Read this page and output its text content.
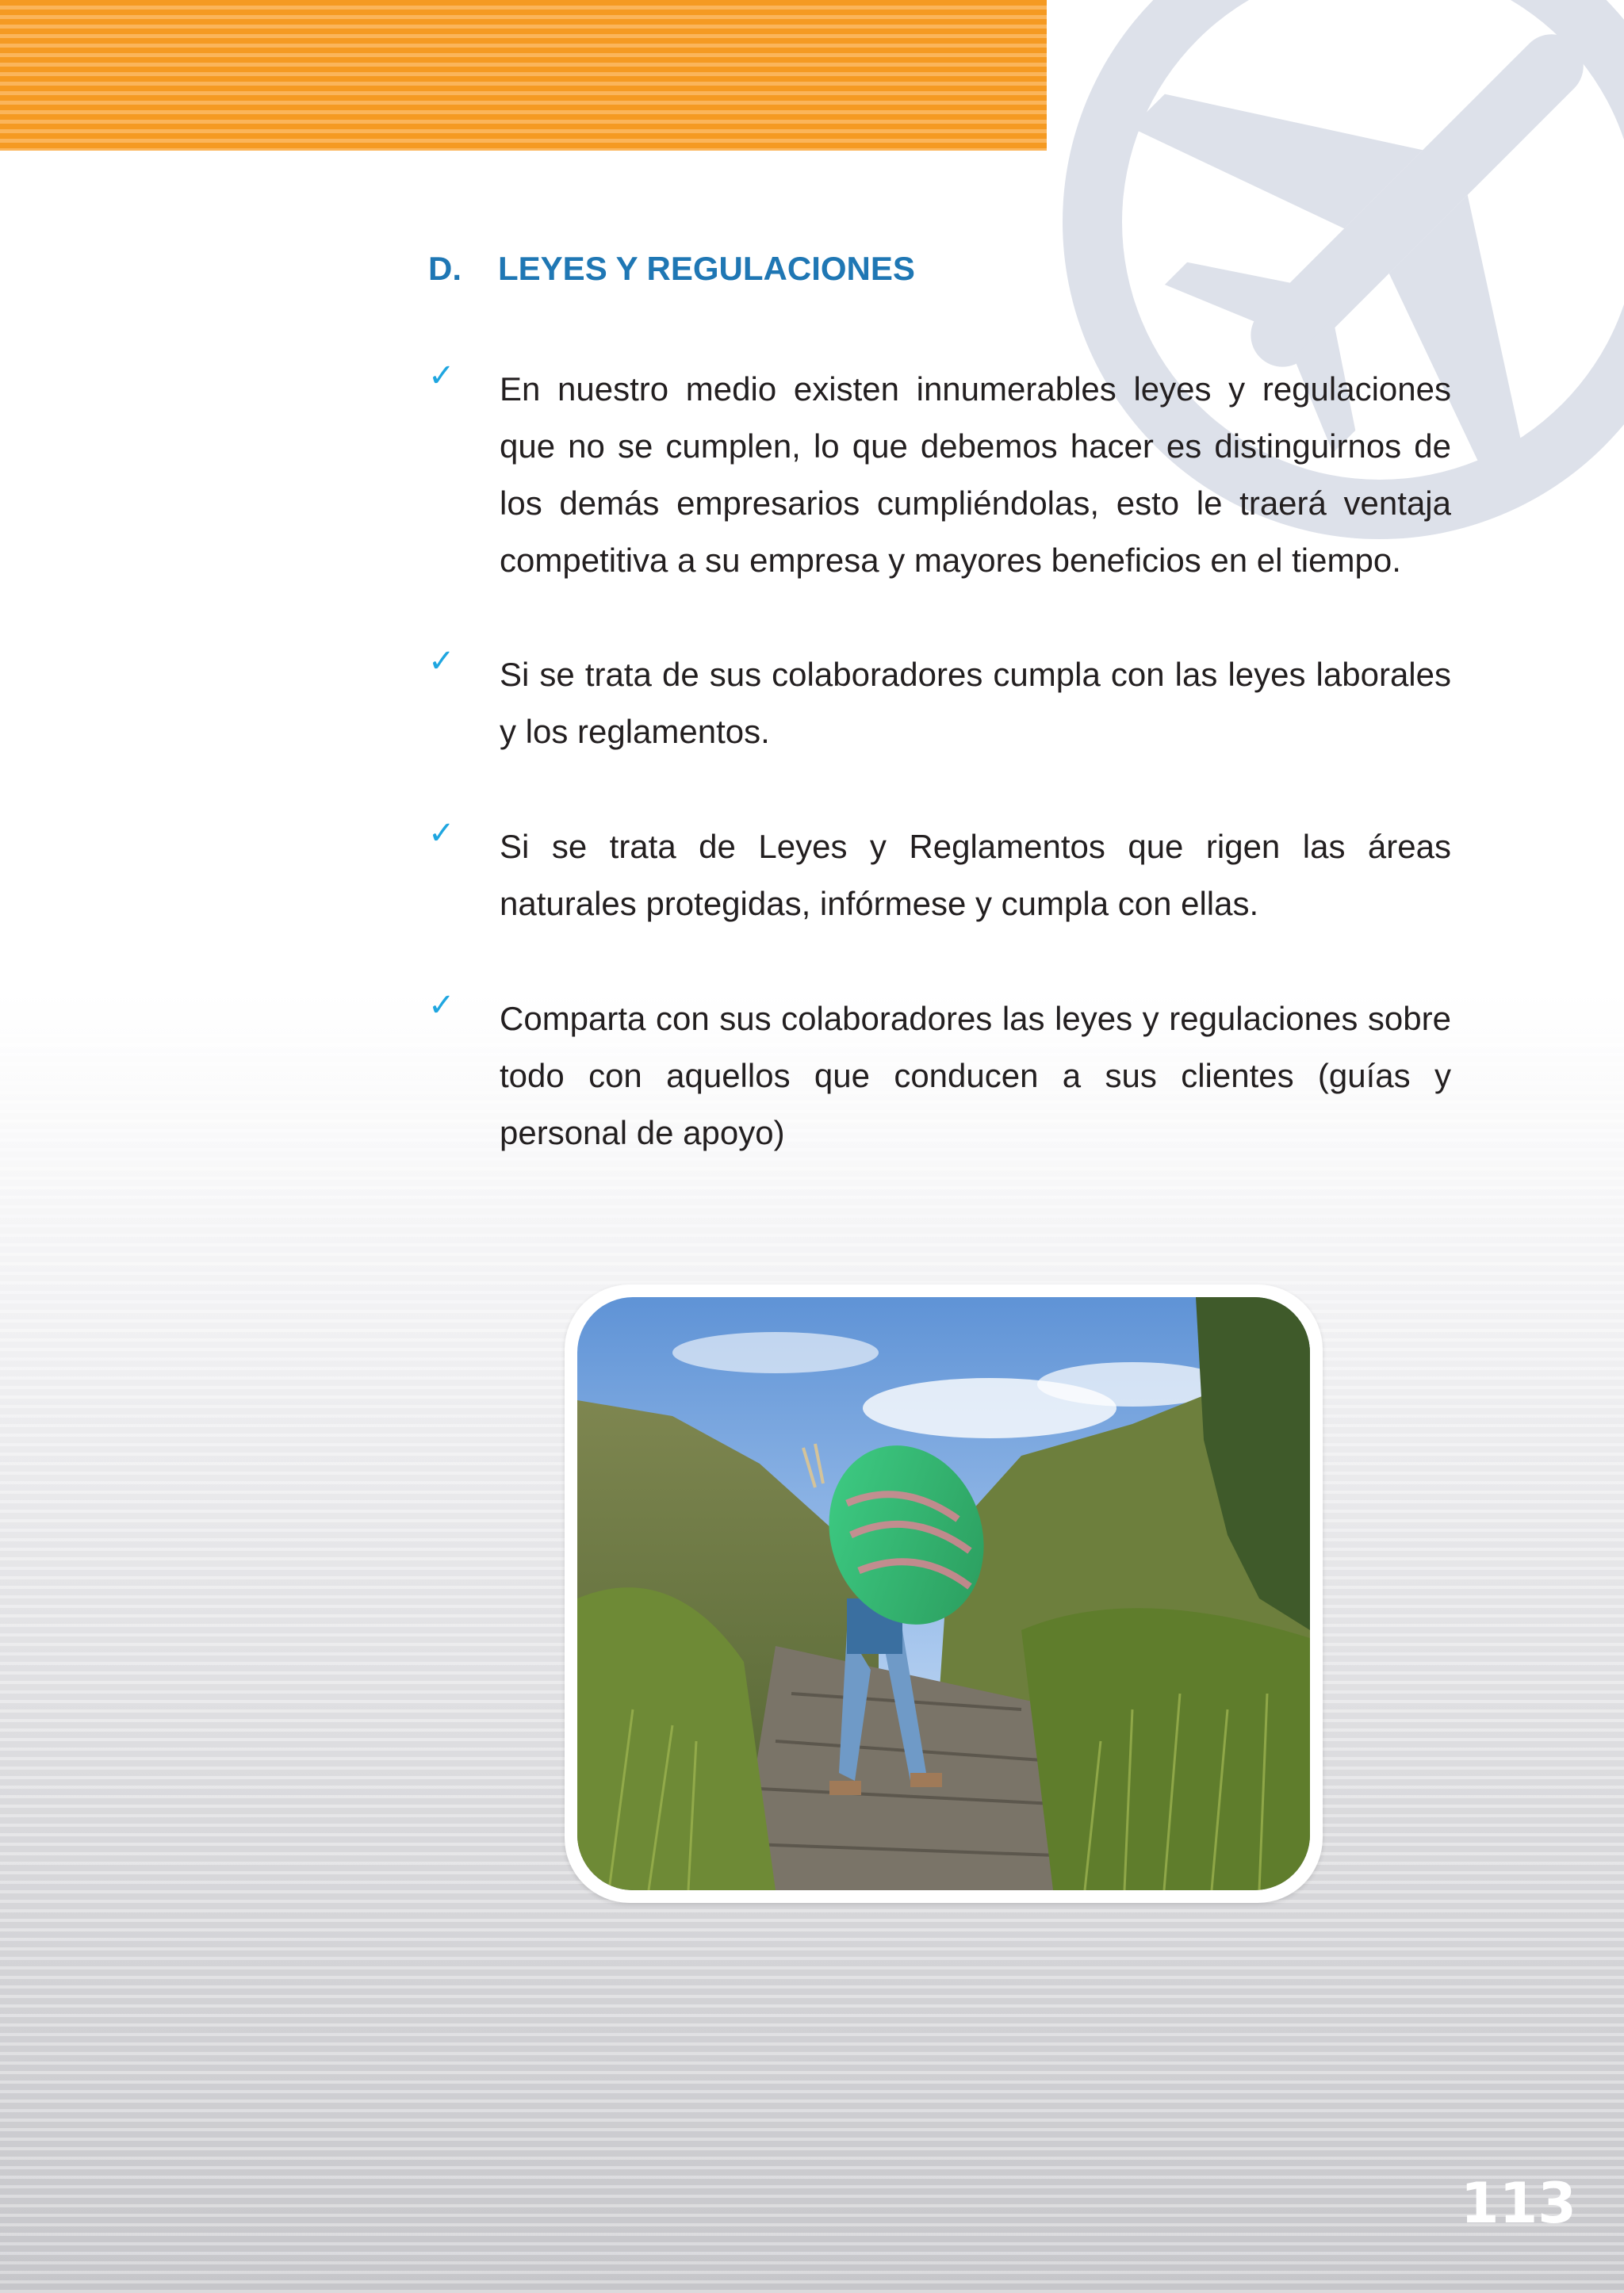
D. LEYES Y REGULACIONES
✓ En nuestro medio existen innumerables leyes y regulaciones que no se cumplen, lo que debemos hacer es distinguirnos de los demás empresarios cumpliéndolas, esto le traerá ventaja competitiva a su empresa y mayores beneficios en el tiempo.

✓ Si se trata de sus colaboradores cumpla con las leyes laborales y los reglamentos.

✓ Si se trata de Leyes y Reglamentos que rigen las áreas naturales protegidas, infórmese y cumpla con ellas.

✓ Comparta con sus colaboradores las leyes y regulaciones sobre todo con aquellos que conducen a sus clientes (guías y personal de apoyo)

113
